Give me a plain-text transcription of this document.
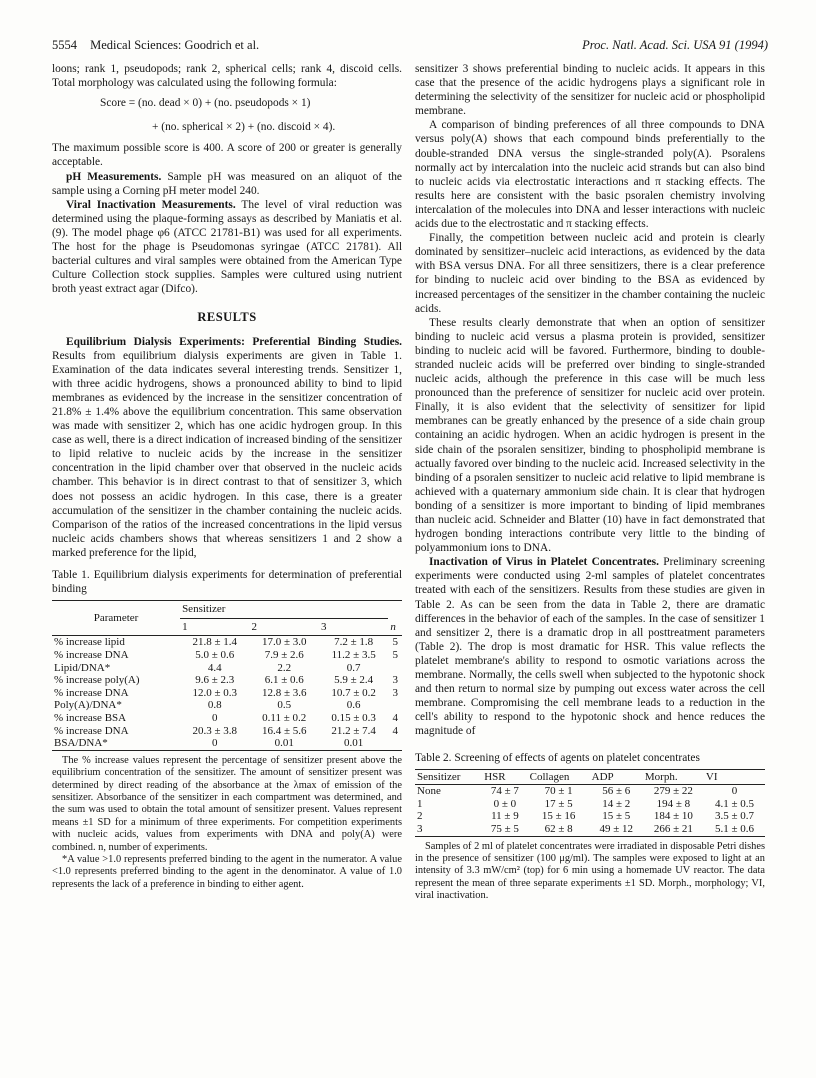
5554 Medical Sciences: Goodrich et al.	Proc. Natl. Acad. Sci. USA 91 (1994)

loons; rank 1, pseudopods; rank 2, spherical cells; rank 4, discoid cells. Total morphology was calculated using the following formula:

Score = (no. dead × 0) + (no. pseudopods × 1)
+ (no. spherical × 2) + (no. discoid × 4).

The maximum possible score is 400. A score of 200 or greater is generally acceptable.

pH Measurements. Sample pH was measured on an aliquot of the sample using a Corning pH meter model 240.

Viral Inactivation Measurements. The level of viral reduction was determined using the plaque-forming assays as described by Maniatis et al. (9). The model phage φ6 (ATCC 21781-B1) was used for all experiments. The host for the phage is Pseudomonas syringae (ATCC 21781). All bacterial cultures and viral samples were obtained from the American Type Culture Collection stock supplies. Samples were cultured using nutrient broth yeast extract agar (Difco).

RESULTS

Equilibrium Dialysis Experiments: Preferential Binding Studies. Results from equilibrium dialysis experiments are given in Table 1. Examination of the data indicates several interesting trends. Sensitizer 1, with three acidic hydrogens, shows a pronounced ability to bind to lipid membranes as evidenced by the increase in the sensitizer concentration of 21.8% ± 1.4% above the equilibrium concentration. This same observation was made with sensitizer 2, which has one acidic hydrogen group. In this case as well, there is a direct indication of increased binding of the sensitizer to lipid relative to nucleic acids by the increase in the sensitizer concentration in the lipid chamber over that observed in the nucleic acids chamber. This behavior is in direct contrast to that of sensitizer 3, which does not possess an acidic hydrogen. In this case, there is a greater accumulation of the sensitizer in the chamber containing the nucleic acids. Comparison of the ratios of the increased concentrations in the lipid versus nucleic acids chambers shows that whereas sensitizers 1 and 2 show a marked preference for the lipid,

Table 1. Equilibrium dialysis experiments for determination of preferential binding

Parameter	Sensitizer			n
	1	2	3	
% increase lipid	21.8 ± 1.4	17.0 ± 3.0	7.2 ± 1.8	5
% increase DNA	5.0 ± 0.6	7.9 ± 2.6	11.2 ± 3.5	5
Lipid/DNA*	4.4	2.2	0.7	
% increase poly(A)	9.6 ± 2.3	6.1 ± 0.6	5.9 ± 2.4	3
% increase DNA	12.0 ± 0.3	12.8 ± 3.6	10.7 ± 0.2	3
Poly(A)/DNA*	0.8	0.5	0.6	
% increase BSA	0	0.11 ± 0.2	0.15 ± 0.3	4
% increase DNA	20.3 ± 3.8	16.4 ± 5.6	21.2 ± 7.4	4
BSA/DNA*	0	0.01	0.01	

The % increase values represent the percentage of sensitizer present above the equilibrium concentration of the sensitizer. The amount of sensitizer present was determined by direct reading of the absorbance at the λmax of emission of the sensitizer. Absorbance of the sensitizer in each compartment was determined, and the sum was used to obtain the total amount of sensitizer present. Values represent means ±1 SD for a minimum of three experiments. For competition experiments with nucleic acids, values from experiments with DNA and poly(A) were combined. n, number of experiments.

*A value >1.0 represents preferred binding to the agent in the numerator. A value <1.0 represents preferred binding to the agent in the denominator. A value of 1.0 represents the lack of a preference in binding to either agent.

sensitizer 3 shows preferential binding to nucleic acids. It appears in this case that the presence of the acidic hydrogens plays a significant role in determining the selectivity of the sensitizer for nucleic acid or phospholipid membrane.

A comparison of binding preferences of all three compounds to DNA versus poly(A) shows that each compound binds preferentially to the double-stranded DNA versus the single-stranded poly(A). Psoralens normally act by intercalation into the nucleic acid strands but can also bind to nucleic acids via electrostatic interactions and π stacking effects. The results here are consistent with the basic psoralen chemistry involving intercalation of the molecules into DNA and lesser interactions with nucleic acids due to the electrostatic and π stacking effects.

Finally, the competition between nucleic acid and protein is clearly dominated by sensitizer–nucleic acid interactions, as evidenced by the data with BSA versus DNA. For all three sensitizers, there is a clear preference for binding to nucleic acid over binding to the BSA as evidenced by increased percentages of the sensitizer in the chamber containing the nucleic acids.

These results clearly demonstrate that when an option of sensitizer binding to nucleic acid versus a plasma protein is provided, sensitizer binding to nucleic acid will be favored. Furthermore, binding to double-stranded nucleic acids will be preferred over binding to single-stranded nucleic acids, although the preference in this case will be much less pronounced than the preference of sensitizer for nucleic acid over protein. Finally, it is also evident that the selectivity of sensitizer for lipid membranes can be greatly enhanced by the presence of a side chain group containing an acidic hydrogen. When an acidic hydrogen is present in the side chain of the psoralen sensitizer, binding to phospholipid membrane is actually favored over binding to the nucleic acid. Increased selectivity in the binding of a psoralen sensitizer to nucleic acid relative to lipid membrane is achieved with a quaternary ammonium side chain. It is clear that hydrogen bonding of a sensitizer is more important to binding of lipid membranes than nucleic acid. Schneider and Blatter (10) have in fact demonstrated that hydrogen bonding interactions contribute very little to the binding of polyammonium ions to DNA.

Inactivation of Virus in Platelet Concentrates. Preliminary screening experiments were conducted using 2-ml samples of platelet concentrates treated with each of the sensitizers. Results from these studies are given in Table 2. As can be seen from the data in Table 2, there are dramatic differences in the behavior of each of the samples. In the case of sensitizer 1 and sensitizer 2, there is a dramatic drop in all posttreatment parameters (Table 2). The drop is most dramatic for HSR. This value reflects the platelet membrane's ability to respond to osmotic variations across the membrane. Normally, the cells swell when subjected to the hypotonic shock and then return to normal size by pumping out excess water across the cell membrane. Compromising the cell membrane leads to a reduction in the cell's ability to respond to the hypotonic shock and hence reduces the magnitude of

Table 2. Screening of effects of agents on platelet concentrates

Sensitizer	HSR	Collagen	ADP	Morph.	VI
None	74 ± 7	70 ± 1	56 ± 6	279 ± 22	0
1	0 ± 0	17 ± 5	14 ± 2	194 ± 8	4.1 ± 0.5
2	11 ± 9	15 ± 16	15 ± 5	184 ± 10	3.5 ± 0.7
3	75 ± 5	62 ± 8	49 ± 12	266 ± 21	5.1 ± 0.6

Samples of 2 ml of platelet concentrates were irradiated in disposable Petri dishes in the presence of sensitizer (100 μg/ml). The samples were exposed to light at an intensity of 3.3 mW/cm² (top) for 6 min using a homemade UV reactor. The data represent the mean of three separate experiments ±1 SD. Morph., morphology; VI, viral inactivation.
